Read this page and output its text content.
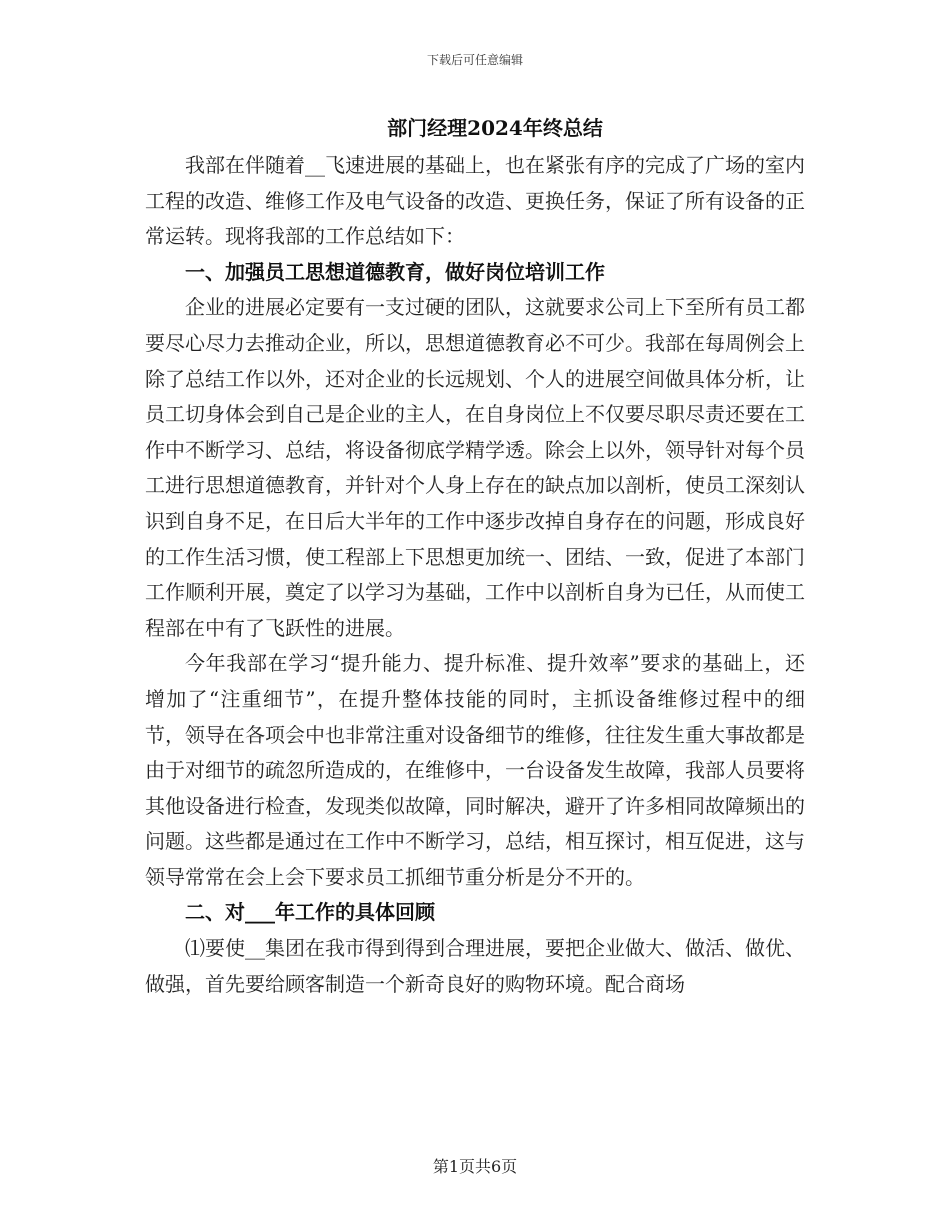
下载后可任意编辑
部门经理2024年终总结

我部在伴随着__飞速进展的基础上，也在紧张有序的完成了广场的室内工程的改造、维修工作及电气设备的改造、更换任务，保证了所有设备的正常运转。现将我部的工作总结如下：

一、加强员工思想道德教育，做好岗位培训工作

企业的进展必定要有一支过硬的团队，这就要求公司上下至所有员工都要尽心尽力去推动企业，所以，思想道德教育必不可少。我部在每周例会上除了总结工作以外，还对企业的长远规划、个人的进展空间做具体分析，让员工切身体会到自己是企业的主人，在自身岗位上不仅要尽职尽责还要在工作中不断学习、总结，将设备彻底学精学透。除会上以外，领导针对每个员工进行思想道德教育，并针对个人身上存在的缺点加以剖析，使员工深刻认识到自身不足，在日后大半年的工作中逐步改掉自身存在的问题，形成良好的工作生活习惯，使工程部上下思想更加统一、团结、一致，促进了本部门工作顺利开展，奠定了以学习为基础，工作中以剖析自身为已任，从而使工程部在中有了飞跃性的进展。

今年我部在学习“提升能力、提升标准、提升效率”要求的基础上，还增加了“注重细节”，在提升整体技能的同时，主抓设备维修过程中的细节，领导在各项会中也非常注重对设备细节的维修，往往发生重大事故都是由于对细节的疏忽所造成的，在维修中，一台设备发生故障，我部人员要将其他设备进行检查，发现类似故障，同时解决，避开了许多相同故障频出的问题。这些都是通过在工作中不断学习，总结，相互探讨，相互促进，这与领导常常在会上会下要求员工抓细节重分析是分不开的。

二、对___年工作的具体回顾

⑴要使__集团在我市得到得到合理进展，要把企业做大、做活、做优、做强，首先要给顾客制造一个新奇良好的购物环境。配合商场

第1页共6页
